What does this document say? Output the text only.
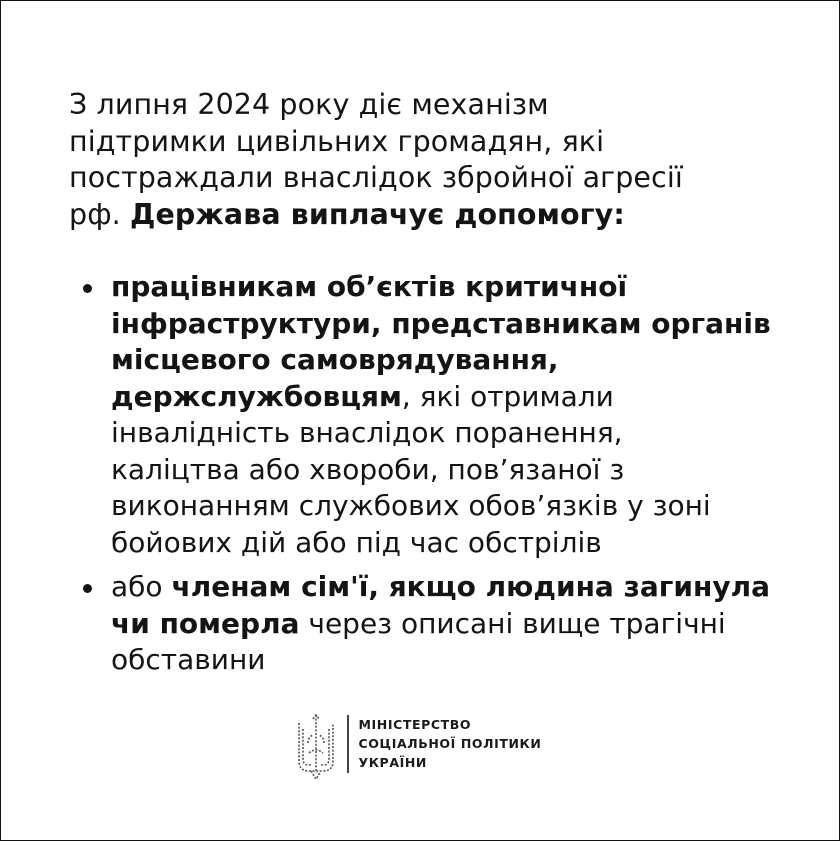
З липня 2024 року діє механізм
підтримки цивільних громадян, які
постраждали внаслідок збройної агресії
рф. Держава виплачує допомогу:

працівникам об’єктів критичної
інфраструктури, представникам органів
місцевого самоврядування,
держслужбовцям, які отримали
інвалідність внаслідок поранення,
каліцтва або хвороби, пов’язаної з
виконанням службових обов’язків у зоні
бойових дій або під час обстрілів
або членам сім'ї, якщо людина загинула
чи померла через описані вище трагічні
обставини
МІНІСТЕРСТВО
СОЦІАЛЬНОЇ ПОЛІТИКИ
УКРАЇНИ
